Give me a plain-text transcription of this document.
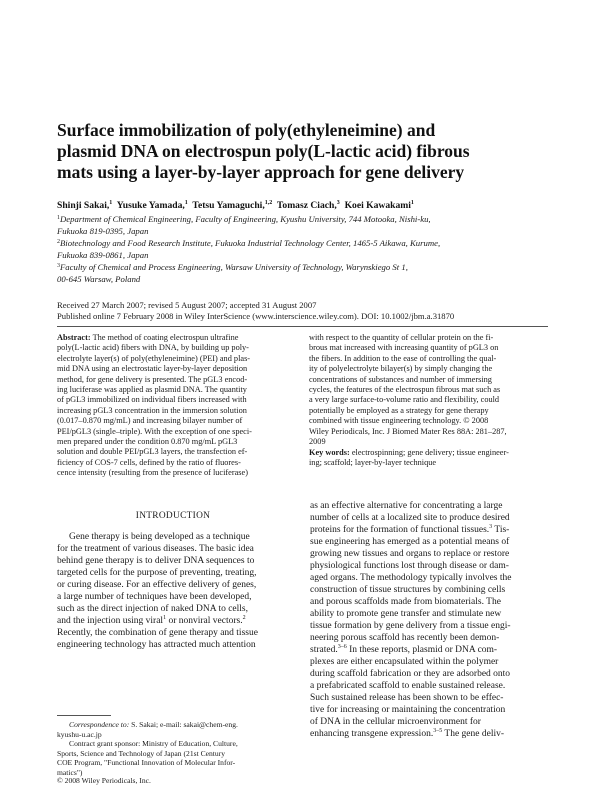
Surface immobilization of poly(ethyleneimine) and
plasmid DNA on electrospun poly(L-lactic acid) fibrous
mats using a layer-by-layer approach for gene delivery
Shinji Sakai,$^1$ Yusuke Yamada,$^1$ Tetsu Yamaguchi,$^{1,2}$ Tomasz Ciach,$^3$ Koei Kawakami$^1$
$^1$Department of Chemical Engineering, Faculty of Engineering, Kyushu University, 744 Motooka, Nishi-ku,
Fukuoka 819-0395, Japan
$^2$Biotechnology and Food Research Institute, Fukuoka Industrial Technology Center, 1465-5 Aikawa, Kurume,
Fukuoka 839-0861, Japan
$^3$Faculty of Chemical and Process Engineering, Warsaw University of Technology, Warynskiego St 1,
00-645 Warsaw, Poland
Received 27 March 2007; revised 5 August 2007; accepted 31 August 2007
Published online 7 February 2008 in Wiley InterScience (www.interscience.wiley.com). DOI: 10.1002/jbm.a.31870
Abstract: The method of coating electrospun ultrafine
poly(L-lactic acid) fibers with DNA, by building up poly-
electrolyte layer(s) of poly(ethyleneimine) (PEI) and plas-
mid DNA using an electrostatic layer-by-layer deposition
method, for gene delivery is presented. The pGL3 encod-
ing luciferase was applied as plasmid DNA. The quantity
of pGL3 immobilized on individual fibers increased with
increasing pGL3 concentration in the immersion solution
(0.017–0.870 mg/mL) and increasing bilayer number of
PEI/pGL3 (single–triple). With the exception of one speci-
men prepared under the condition 0.870 mg/mL pGL3
solution and double PEI/pGL3 layers, the transfection ef-
ficiency of COS-7 cells, defined by the ratio of fluores-
cence intensity (resulting from the presence of luciferase)
with respect to the quantity of cellular protein on the fi-
brous mat increased with increasing quantity of pGL3 on
the fibers. In addition to the ease of controlling the qual-
ity of polyelectrolyte bilayer(s) by simply changing the
concentrations of substances and number of immersing
cycles, the features of the electrospun fibrous mat such as
a very large surface-to-volume ratio and flexibility, could
potentially be employed as a strategy for gene therapy
combined with tissue engineering technology. © 2008
Wiley Periodicals, Inc. J Biomed Mater Res 88A: 281–287,
2009
Key words: electrospinning; gene delivery; tissue engineer-
ing; scaffold; layer-by-layer technique
INTRODUCTION
Gene therapy is being developed as a technique
for the treatment of various diseases. The basic idea
behind gene therapy is to deliver DNA sequences to
targeted cells for the purpose of preventing, treating,
or curing disease. For an effective delivery of genes,
a large number of techniques have been developed,
such as the direct injection of naked DNA to cells,
and the injection using viral$^1$ or nonviral vectors.$^2$
Recently, the combination of gene therapy and tissue
engineering technology has attracted much attention
as an effective alternative for concentrating a large
number of cells at a localized site to produce desired
proteins for the formation of functional tissues.$^3$ Tis-
sue engineering has emerged as a potential means of
growing new tissues and organs to replace or restore
physiological functions lost through disease or dam-
aged organs. The methodology typically involves the
construction of tissue structures by combining cells
and porous scaffolds made from biomaterials. The
ability to promote gene transfer and stimulate new
tissue formation by gene delivery from a tissue engi-
neering porous scaffold has recently been demon-
strated.$^{3-6}$ In these reports, plasmid or DNA com-
plexes are either encapsulated within the polymer
during scaffold fabrication or they are adsorbed onto
a prefabricated scaffold to enable sustained release.
Such sustained release has been shown to be effec-
tive for increasing or maintaining the concentration
of DNA in the cellular microenvironment for
enhancing transgene expression.$^{3-5}$ The gene deliv-
Correspondence to: S. Sakai; e-mail: sakai@chem-eng.
kyushu-u.ac.jp
Contract grant sponsor: Ministry of Education, Culture,
Sports, Science and Technology of Japan (21st Century
COE Program, "Functional Innovation of Molecular Infor-
matics")
© 2008 Wiley Periodicals, Inc.
